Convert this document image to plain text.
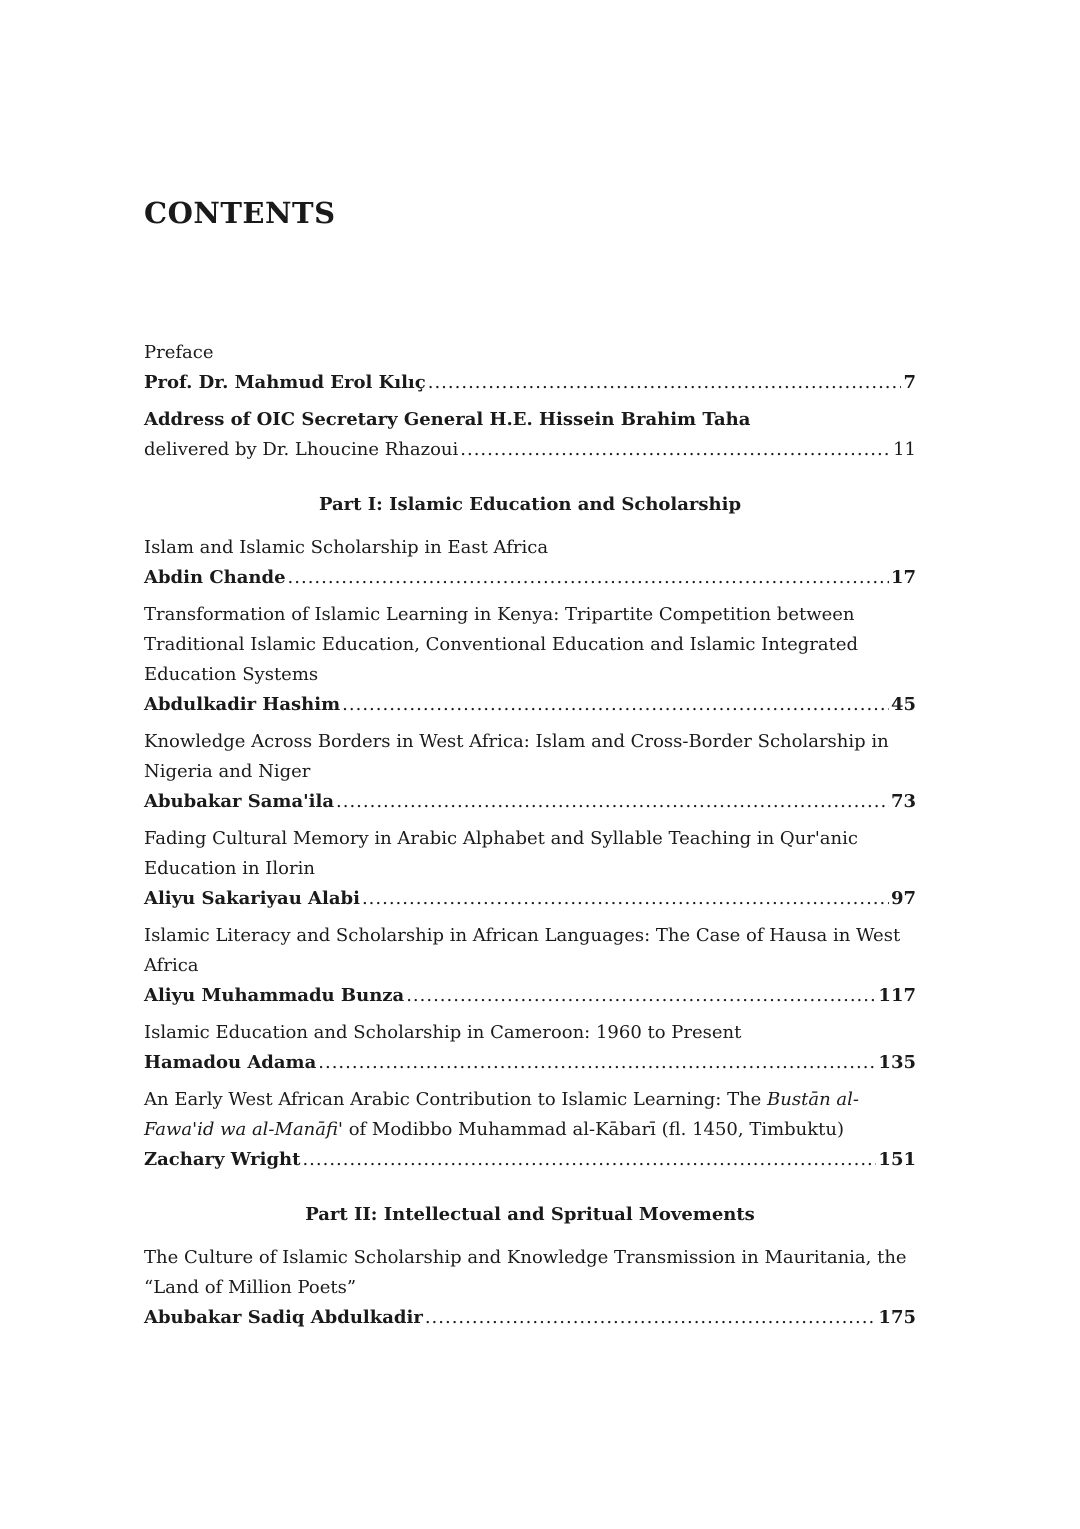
CONTENTS
Preface
Prof. Dr. Mahmud Erol Kılıç .....	7
Address of OIC Secretary General H.E. Hissein Brahim Taha
delivered by Dr. Lhoucine Rhazoui .....	11
Part I: Islamic Education and Scholarship
Islam and Islamic Scholarship in East Africa
Abdin Chande .....	17
Transformation of Islamic Learning in Kenya: Tripartite Competition between Traditional Islamic Education, Conventional Education and Islamic Integrated Education Systems
Abdulkadir Hashim .....	45
Knowledge Across Borders in West Africa: Islam and Cross-Border Scholarship in Nigeria and Niger
Abubakar Sama'ila .....	73
Fading Cultural Memory in Arabic Alphabet and Syllable Teaching in Qur'anic Education in Ilorin
Aliyu Sakariyau Alabi .....	97
Islamic Literacy and Scholarship in African Languages: The Case of Hausa in West Africa
Aliyu Muhammadu Bunza .....	117
Islamic Education and Scholarship in Cameroon: 1960 to Present
Hamadou Adama .....	135
An Early West African Arabic Contribution to Islamic Learning: The Bustān al-Fawa'id wa al-Manāfi' of Modibbo Muhammad al-Kābarī (fl. 1450, Timbuktu)
Zachary Wright .....	151
Part II: Intellectual and Spritual Movements
The Culture of Islamic Scholarship and Knowledge Transmission in Mauritania, the “Land of Million Poets”
Abubakar Sadiq Abdulkadir .....	175
